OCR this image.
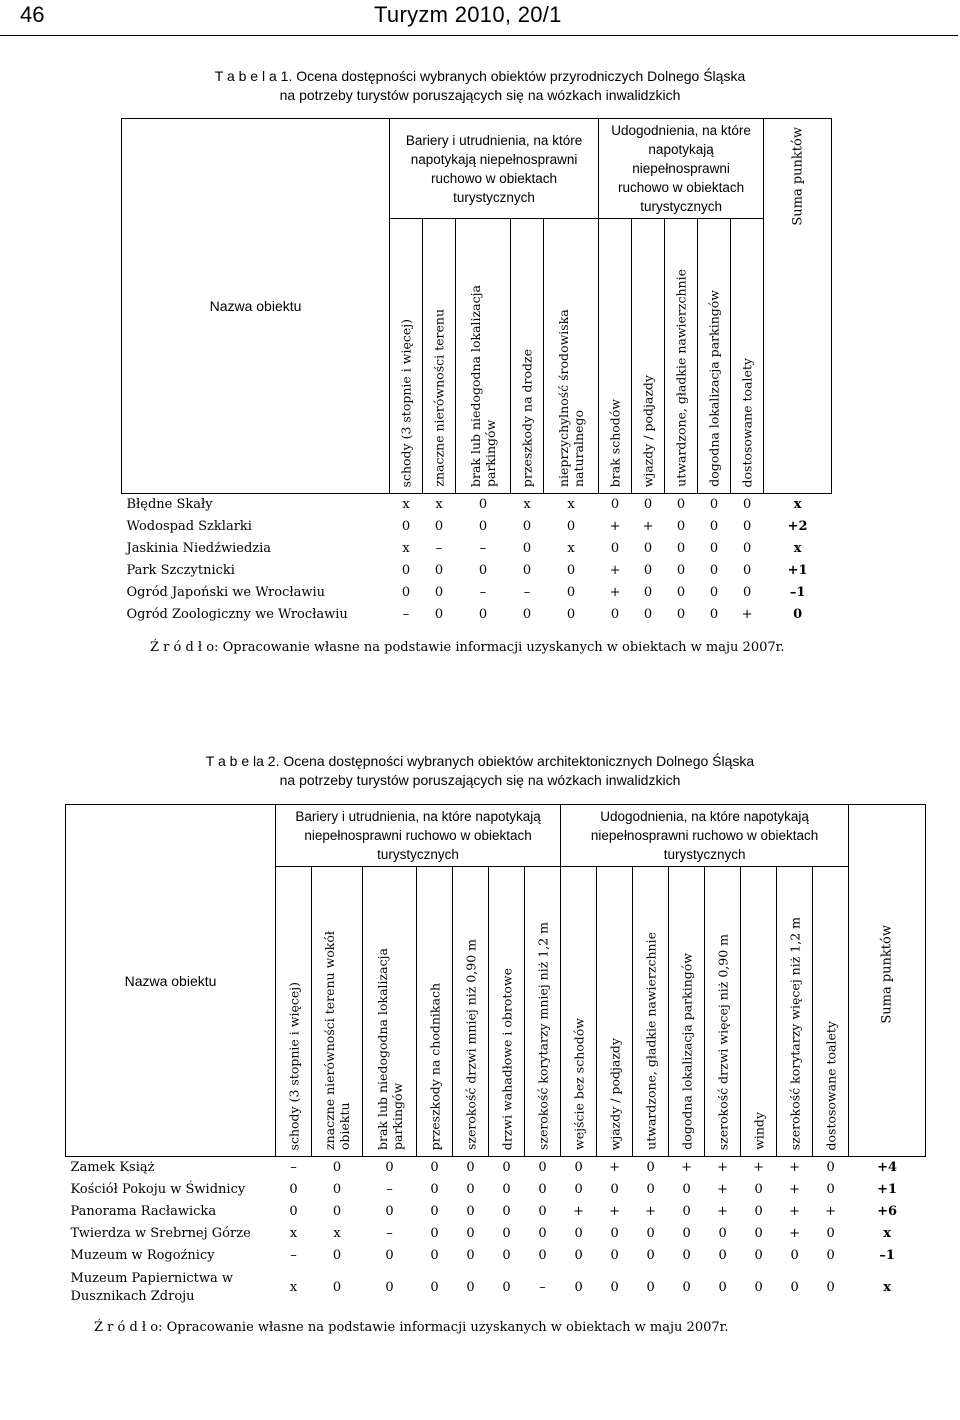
46	Turyzm 2010, 20/1
T a b e l a 1. Ocena dostępności wybranych obiektów przyrodniczych Dolnego Śląska
na potrzeby turystów poruszających się na wózkach inwalidzkich
Nazwa obiektu	Bariery i utrudnienia, na które napotykają niepełnosprawni ruchowo w obiektach turystycznych					Udogodnienia, na które napotykają niepełnosprawni ruchowo w obiektach turystycznych					Suma punktów

	schody (3 stopnie i więcej)	znaczne nierówności terenu	brak lub niedogodna lokalizacja parkingów	przeszkody na drodze	nieprzychylność środowiska naturalnego	brak schodów	wjazdy / podjazdy	utwardzone, gładkie nawierzchnie	dogodna lokalizacja parkingów	dostosowane toalety	

Błędne Skały	x	x	0	x	x	0	0	0	0	0	x
Wodospad Szklarki	0	0	0	0	0	+	+	0	0	0	+2
Jaskinia Niedźwiedzia	x	–	–	0	x	0	0	0	0	0	x
Park Szczytnicki	0	0	0	0	0	+	0	0	0	0	+1
Ogród Japoński we Wrocławiu	0	0	–	–	0	+	0	0	0	0	–1
Ogród Zoologiczny we Wrocławiu	–	0	0	0	0	0	0	0	0	+	0
Ź r ó d ł o: Opracowanie własne na podstawie informacji uzyskanych w obiektach w maju 2007r.
T a b e la 2. Ocena dostępności wybranych obiektów architektonicznych Dolnego Śląska
na potrzeby turystów poruszających się na wózkach inwalidzkich
Nazwa obiektu	Bariery i utrudnienia, na które napotykają niepełnosprawni ruchowo w obiektach turystycznych							Udogodnienia, na które napotykają niepełnosprawni ruchowo w obiektach turystycznych								Suma punktów

	schody (3 stopnie i więcej)	znaczne nierówności terenu wokół obiektu	brak lub niedogodna lokalizacja parkingów	przeszkody na chodnikach	szerokość drzwi mniej niż 0,90 m	drzwi wahadłowe i obrotowe	szerokość korytarzy mniej niż 1,2 m	wejście bez schodów	wjazdy / podjazdy	utwardzone, gładkie nawierzchnie	dogodna lokalizacja parkingów	szerokość drzwi więcej niż 0,90 m	windy	szerokość korytarzy więcej niż 1,2 m	dostosowane toalety	

Zamek Książ	–	0	0	0	0	0	0	0	+	0	+	+	+	+	0	+4
Kościół Pokoju w Świdnicy	0	0	–	0	0	0	0	0	0	0	0	+	0	+	0	+1
Panorama Racławicka	0	0	0	0	0	0	0	+	+	+	0	+	0	+	+	+6
Twierdza w Srebrnej Górze	x	x	–	0	0	0	0	0	0	0	0	0	0	+	0	x
Muzeum w Rogoźnicy	–	0	0	0	0	0	0	0	0	0	0	0	0	0	0	–1
Muzeum Papiernictwa w Dusznikach Zdroju	x	0	0	0	0	0	–	0	0	0	0	0	0	0	0	x
Ź r ó d ł o: Opracowanie własne na podstawie informacji uzyskanych w obiektach w maju 2007r.
